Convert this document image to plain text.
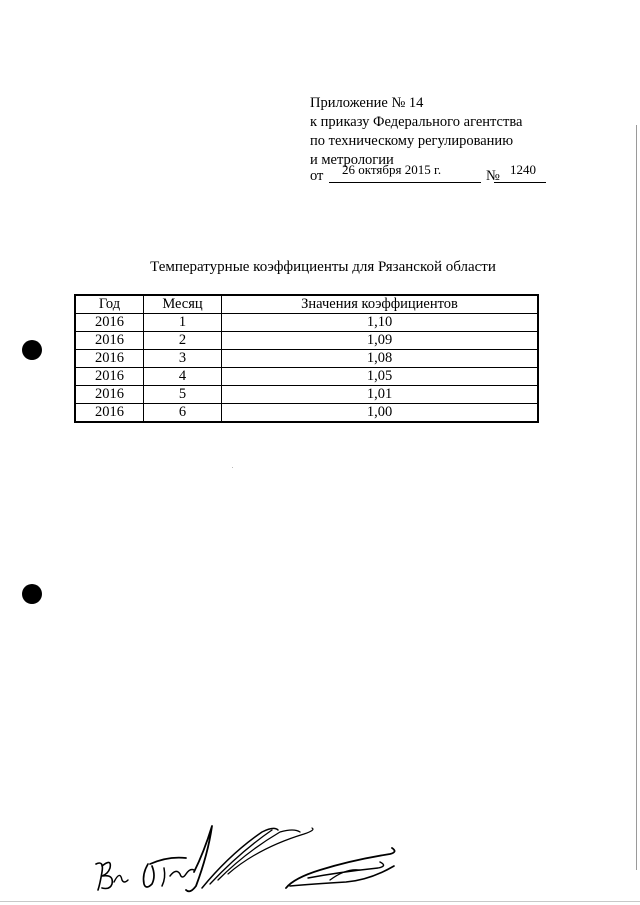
Приложение № 14
к приказу Федерального агентства
по техническому регулированию
и метрологии
от 26 октября 2015 г.	№ 1240
Температурные коэффициенты для Рязанской области
Год	Месяц	Значения коэффициентов
2016	1	1,10
2016	2	1,09
2016	3	1,08
2016	4	1,05
2016	5	1,01
2016	6	1,00
